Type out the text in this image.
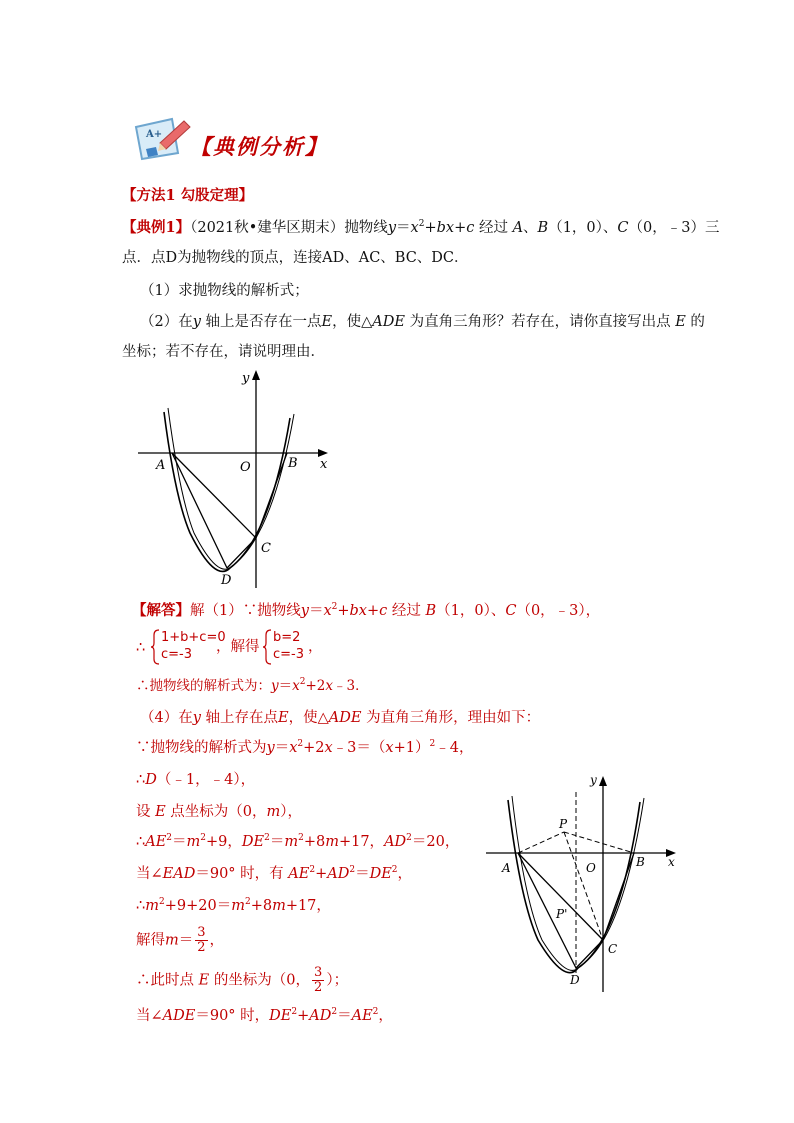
A+ 【典例分析】
【方法1 勾股定理】
【典例1】（2021秋•建华区期末）抛物线$y=x^2+bx+c$ 经过 A、B（1，0）、C（0，﹣3）三
点．点D为抛物线的顶点，连接AD、AC、BC、DC．
（1）求抛物线的解析式；
（2）在y 轴上是否存在一点E，使△ADE 为直角三角形？若存在，请你直接写出点 E 的
坐标；若不存在，请说明理由．
y
x
A	O	B
C
D
【解答】解（1）∵抛物线$y=x^2+bx+c$ 经过 B（1，0）、C（0，﹣3），
∴
1+b+c=0
c=-3	，解得
b=2
c=-3 ，
∴抛物线的解析式为：$y=x^2+2x﹣3$．
（4）在y 轴上存在点E，使△ADE 为直角三角形，理由如下：
∵抛物线的解析式为$y=x^2+2x﹣3=(x+1)^2﹣4$，
∴D（﹣1，﹣4），
设 E 点坐标为（0，m），
$\therefore AE^2=m^2+9$，$DE^2=m^2+8m+17$，$AD^2=20$，
当∠EAD＝90° 时，有 $AE^2+AD^2=DE^2$，
$\therefore m^2+9+20=m^2+8m+17$，
解得$m= \frac{3}{2}$ ，
∴此时点 E 的坐标为（0， $\frac{3}{2}$ ）；
当∠ADE＝90° 时，$DE^2+AD^2=AE^2$，
y
x
A	O	B
C
D
P
P'
